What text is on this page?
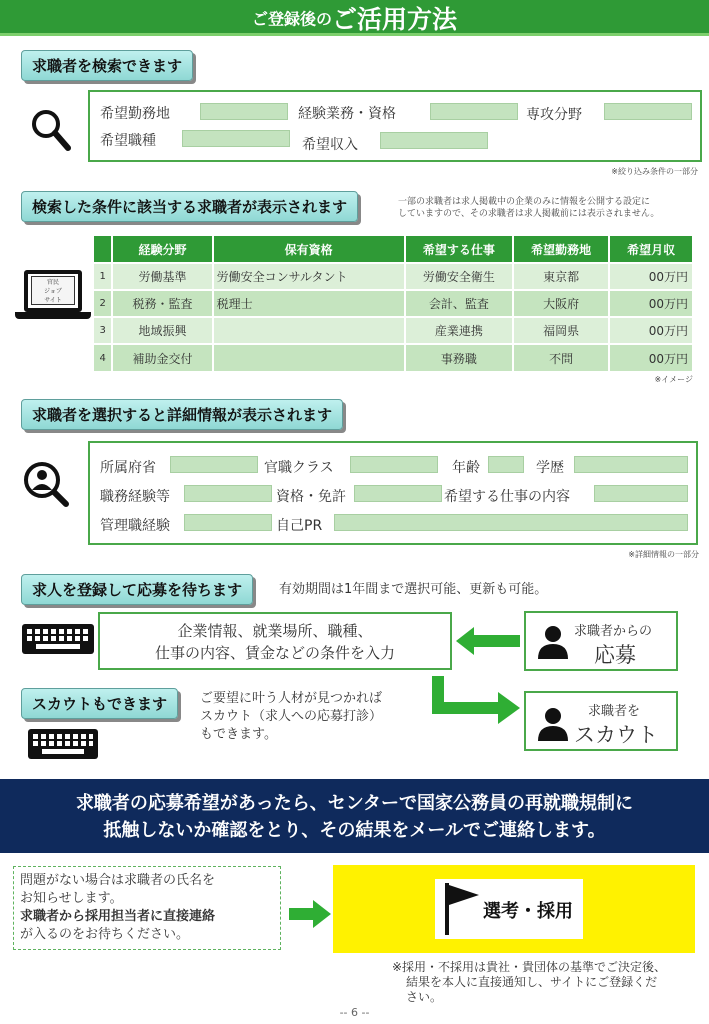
ご登録後のご活用方法
求職者を検索できます
希望勤務地	経験業務・資格	専攻分野
希望職種	希望収入
※絞り込み条件の一部分
検索した条件に該当する求職者が表示されます	一部の求職者は求人掲載中の企業のみに情報を公開する設定に
していますので、その求職者は求人掲載前には表示されません。
官民
ジョブ
サイト
	経験分野	保有資格	希望する仕事	希望勤務地	希望月収
1	労働基準	労働安全コンサルタント	労働安全衛生	東京都	00万円
2	税務・監査	税理士	会計、監査	大阪府	00万円
3	地域振興		産業連携	福岡県	00万円
4	補助金交付		事務職	不問	00万円
※イメージ
求職者を選択すると詳細情報が表示されます
所属府省	官職クラス	年齢	学歴
職務経験等	資格・免許	希望する仕事の内容
管理職経験	自己PR
※詳細情報の一部分
求人を登録して応募を待ちます	有効期間は1年間まで選択可能、更新も可能。
企業情報、就業場所、職種、
仕事の内容、賃金などの条件を入力
求職者からの
応募
スカウトもできます	ご要望に叶う人材が見つかれば
スカウト（求人への応募打診）
もできます。
求職者を
スカウト
求職者の応募希望があったら、センターで国家公務員の再就職規制に
抵触しないか確認をとり、その結果をメールでご連絡します。
問題がない場合は求職者の氏名を
お知らせします。
求職者から採用担当者に直接連絡
が入るのをお待ちください。
選考・採用
※採用・不採用は貴社・貴団体の基準でご決定後、
結果を本人に直接通知し、サイトにご登録くだ
さい。
-- 6 --
